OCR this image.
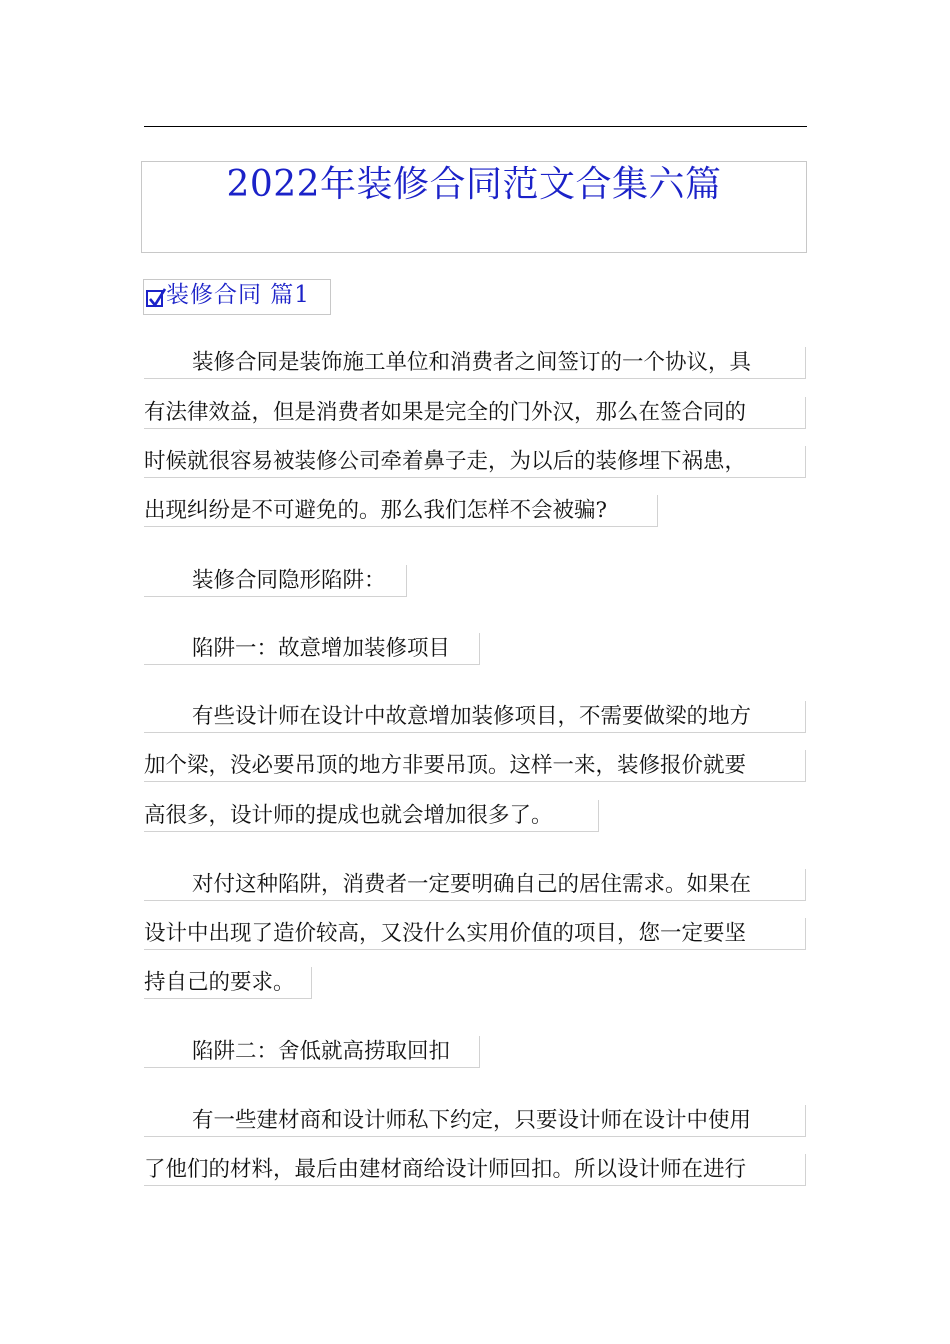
2022年装修合同范文合集六篇
装修合同 篇1
装修合同是装饰施工单位和消费者之间签订的一个协议，具
有法律效益，但是消费者如果是完全的门外汉，那么在签合同的
时候就很容易被装修公司牵着鼻子走，为以后的装修埋下祸患，
出现纠纷是不可避免的。那么我们怎样不会被骗?
装修合同隐形陷阱：
陷阱一：故意增加装修项目
有些设计师在设计中故意增加装修项目，不需要做梁的地方
加个梁，没必要吊顶的地方非要吊顶。这样一来，装修报价就要
高很多，设计师的提成也就会增加很多了。
对付这种陷阱，消费者一定要明确自己的居住需求。如果在
设计中出现了造价较高，又没什么实用价值的项目，您一定要坚
持自己的要求。
陷阱二：舍低就高捞取回扣
有一些建材商和设计师私下约定，只要设计师在设计中使用
了他们的材料，最后由建材商给设计师回扣。所以设计师在进行
